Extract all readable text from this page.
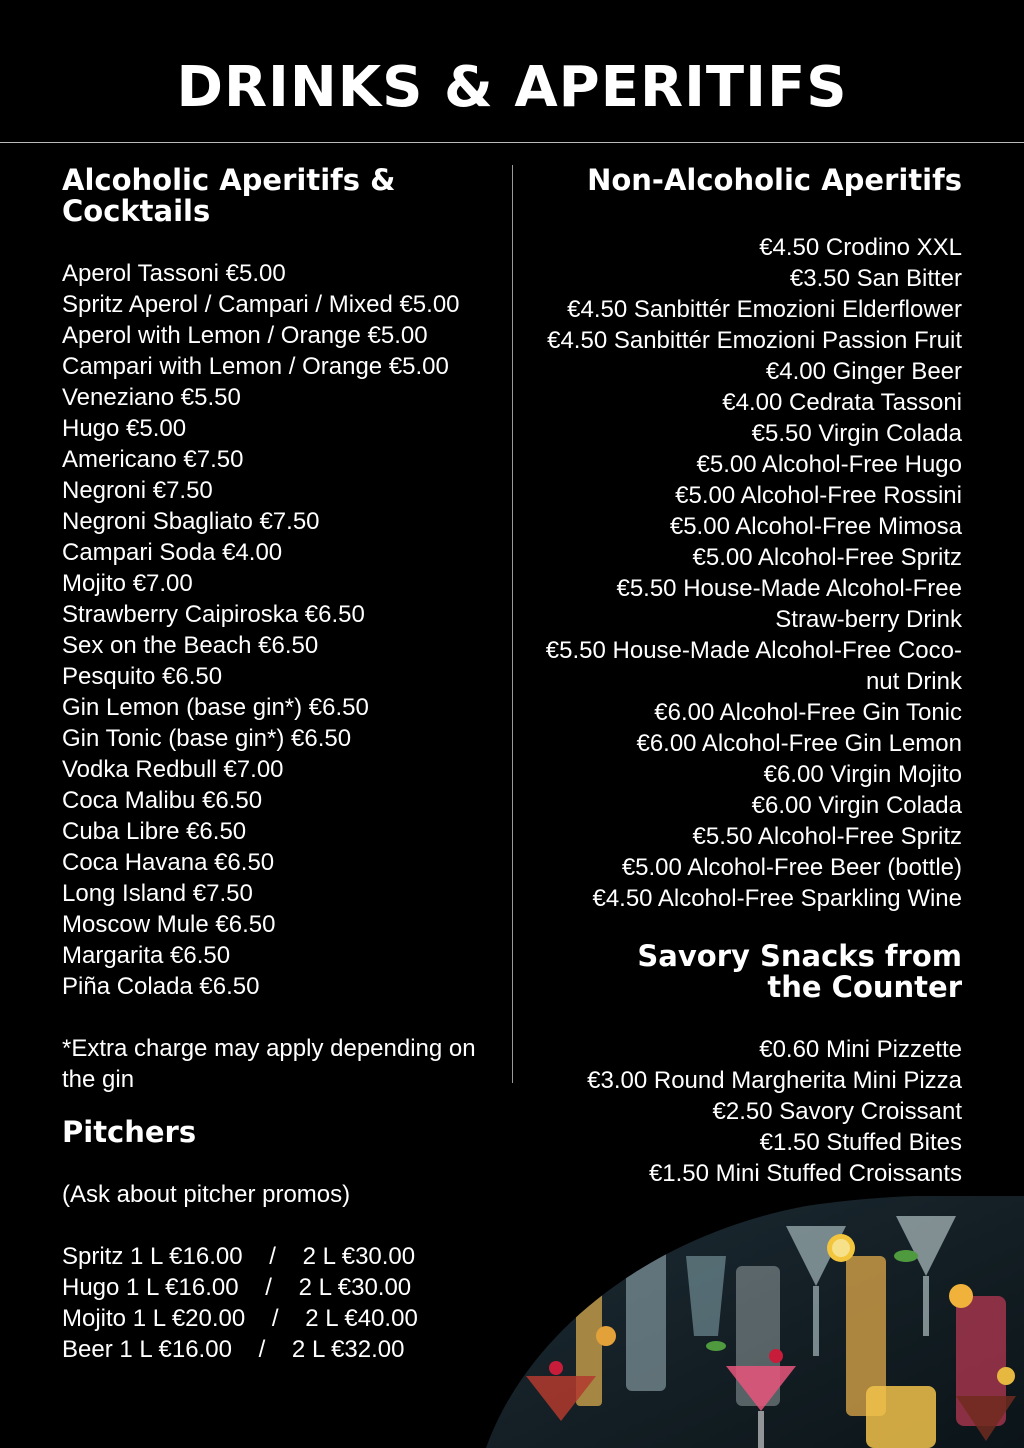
DRINKS & APERITIFS
Alcoholic Aperitifs & Cocktails
Aperol Tassoni €5.00
Spritz Aperol / Campari / Mixed €5.00
Aperol with Lemon / Orange €5.00
Campari with Lemon / Orange €5.00
Veneziano €5.50
Hugo €5.00
Americano €7.50
Negroni €7.50
Negroni Sbagliato €7.50
Campari Soda €4.00
Mojito €7.00
Strawberry Caipiroska €6.50
Sex on the Beach €6.50
Pesquito €6.50
Gin Lemon (base gin*) €6.50
Gin Tonic (base gin*) €6.50
Vodka Redbull €7.00
Coca Malibu €6.50
Cuba Libre €6.50
Coca Havana €6.50
Long Island €7.50
Moscow Mule €6.50
Margarita €6.50
Piña Colada €6.50
*Extra charge may apply depending on the gin
Pitchers
(Ask about pitcher promos)
Spritz 1 L €16.00    /    2 L €30.00
Hugo 1 L €16.00    /    2 L €30.00
Mojito 1 L €20.00    /    2 L €40.00
Beer 1 L €16.00    /    2 L €32.00
Non-Alcoholic Aperitifs
€4.50 Crodino XXL
€3.50 San Bitter
€4.50 Sanbittér Emozioni Elderflower
€4.50 Sanbittér Emozioni Passion Fruit
€4.00 Ginger Beer
€4.00 Cedrata Tassoni
€5.50 Virgin Colada
€5.00 Alcohol-Free Hugo
€5.00 Alcohol-Free Rossini
€5.00 Alcohol-Free Mimosa
€5.00 Alcohol-Free Spritz
€5.50 House-Made Alcohol-Free Straw-berry Drink
€5.50 House-Made Alcohol-Free Coco-nut Drink
€6.00 Alcohol-Free Gin Tonic
€6.00 Alcohol-Free Gin Lemon
€6.00 Virgin Mojito
€6.00 Virgin Colada
€5.50 Alcohol-Free Spritz
€5.00 Alcohol-Free Beer (bottle)
€4.50 Alcohol-Free Sparkling Wine
Savory Snacks from the Counter
€0.60 Mini Pizzette
€3.00 Round Margherita Mini Pizza
€2.50 Savory Croissant
€1.50 Stuffed Bites
€1.50 Mini Stuffed Croissants
